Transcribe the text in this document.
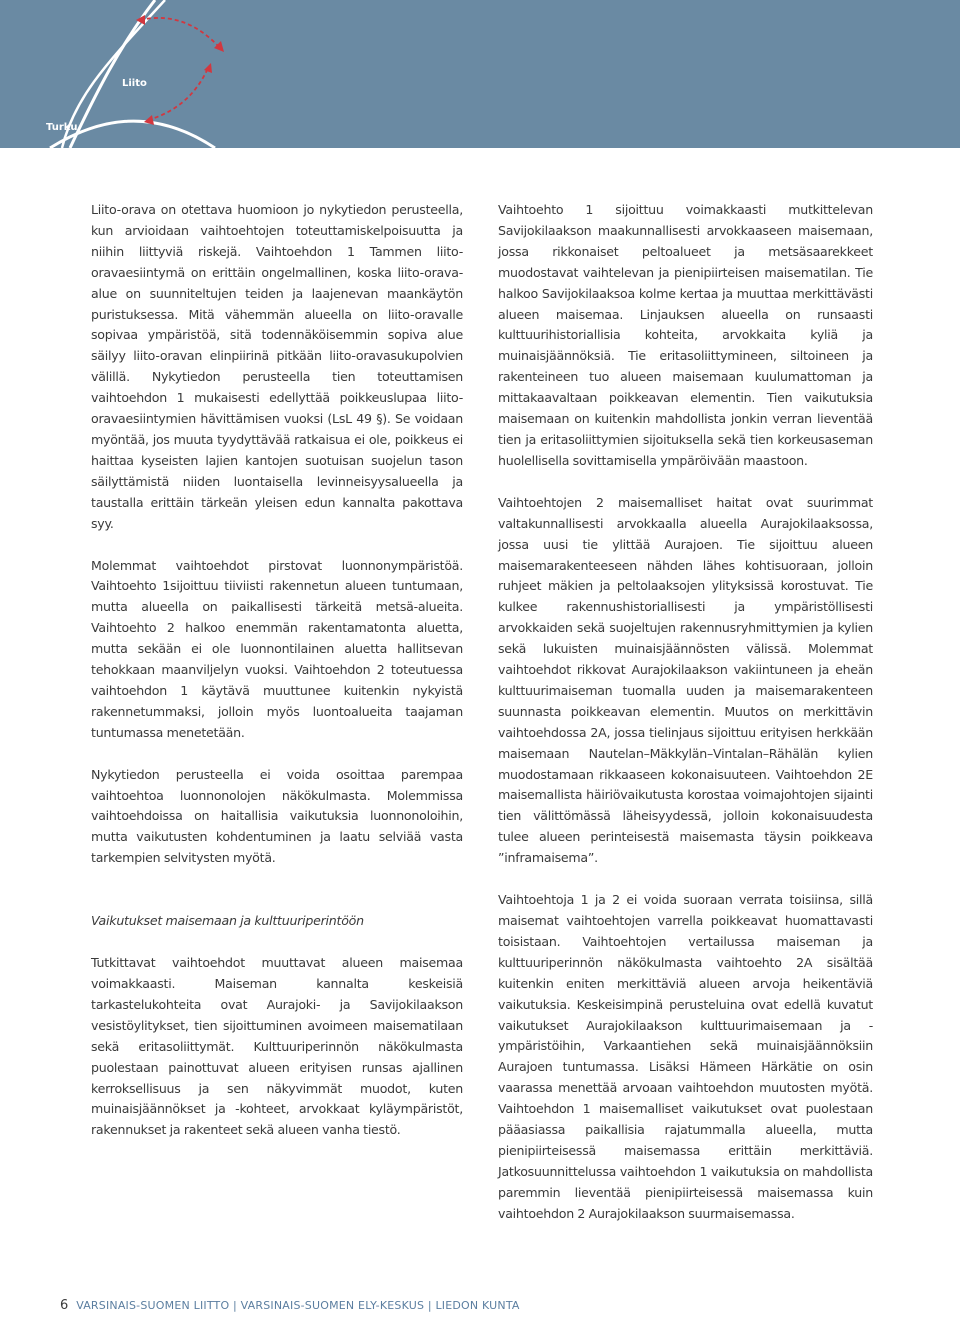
Liito
Turku

Liito-orava on otettava huomioon jo nykytiedon perusteella, kun arvioidaan vaihtoehtojen toteuttamiskelpoisuutta ja niihin liittyviä riskejä. Vaihtoehdon 1 Tammen liito-oravaesiintymä on erittäin ongelmallinen, koska liito-orava-alue on suunniteltujen teiden ja laajenevan maankäytön puristuksessa. Mitä vähemmän alueella on liito-oravalle sopivaa ympäristöä, sitä todennäköisemmin sopiva alue säilyy liito-oravan elinpiirinä pitkään liito-oravasukupolvien välillä. Nykytiedon perusteella tien toteuttamisen vaihtoehdon 1 mukaisesti edellyttää poikkeuslupaa liito-oravaesiintymien hävittämisen vuoksi (LsL 49 §). Se voidaan myöntää, jos muuta tyydyttävää ratkaisua ei ole, poikkeus ei haittaa kyseisten lajien kantojen suotuisan suojelun tason säilyttämistä niiden luontaisella levinneisyysalueella ja taustalla erittäin tärkeän yleisen edun kannalta pakottava syy.

Molemmat vaihtoehdot pirstovat luonnonympäristöä. Vaihtoehto 1sijoittuu tiiviisti rakennetun alueen tuntumaan, mutta alueella on paikallisesti tärkeitä metsä-alueita. Vaihtoehto 2 halkoo enemmän rakentamatonta aluetta, mutta sekään ei ole luonnontilainen aluetta hallitsevan tehokkaan maanviljelyn vuoksi. Vaihtoehdon 2 toteutuessa vaihtoehdon 1 käytävä muuttunee kuitenkin nykyistä rakennetummaksi, jolloin myös luontoalueita taajaman tuntumassa menetetään.

Nykytiedon perusteella ei voida osoittaa parempaa vaihtoehtoa luonnonolojen näkökulmasta. Molemmissa vaihtoehdoissa on haitallisia vaikutuksia luonnonoloihin, mutta vaikutusten kohdentuminen ja laatu selviää vasta tarkempien selvitysten myötä.

Vaikutukset maisemaan ja kulttuuriperintöön

Tutkittavat vaihtoehdot muuttavat alueen maisemaa voimakkaasti. Maiseman kannalta keskeisiä tarkastelukohteita ovat Aurajoki- ja Savijokilaakson vesistöylitykset, tien sijoittuminen avoimeen maisematilaan sekä eritasoliittymät. Kulttuuriperinnön näkökulmasta puolestaan painottuvat alueen erityisen runsas ajallinen kerroksellisuus ja sen näkyvimmät muodot, kuten muinaisjäännökset ja -kohteet, arvokkaat kyläympäristöt, rakennukset ja rakenteet sekä alueen vanha tiestö.

Vaihtoehto 1 sijoittuu voimakkaasti mutkittelevan Savijokilaakson maakunnallisesti arvokkaaseen maisemaan, jossa rikkonaiset peltoalueet ja metsäsaarekkeet muodostavat vaihtelevan ja pienipiirteisen maisematilan. Tie halkoo Savijokilaaksoa kolme kertaa ja muuttaa merkittävästi alueen maisemaa. Linjauksen alueella on runsaasti kulttuurihistoriallisia kohteita, arvokkaita kyliä ja muinaisjäännöksiä. Tie eritasoliittymineen, siltoineen ja rakenteineen tuo alueen maisemaan kuulumattoman ja mittakaavaltaan poikkeavan elementin. Tien vaikutuksia maisemaan on kuitenkin mahdollista jonkin verran lieventää tien ja eritasoliittymien sijoituksella sekä tien korkeusaseman huolellisella sovittamisella ympäröivään maastoon.

Vaihtoehtojen 2 maisemalliset haitat ovat suurimmat valtakunnallisesti arvokkaalla alueella Aurajokilaaksossa, jossa uusi tie ylittää Aurajoen. Tie sijoittuu alueen maisemarakenteeseen nähden lähes kohtisuoraan, jolloin ruhjeet mäkien ja peltolaaksojen ylityksissä korostuvat. Tie kulkee rakennushistoriallisesti ja ympäristöllisesti arvokkaiden sekä suojeltujen rakennusryhmittymien ja kylien sekä lukuisten muinaisjäännösten välissä. Molemmat vaihtoehdot rikkovat Aurajokilaakson vakiintuneen ja eheän kulttuurimaiseman tuomalla uuden ja maisemarakenteen suunnasta poikkeavan elementin. Muutos on merkittävin vaihtoehdossa 2A, jossa tielinjaus sijoittuu erityisen herkkään maisemaan Nautelan–Mäkkylän–Vintalan–Rähälän kylien muodostamaan rikkaaseen kokonaisuuteen. Vaihtoehdon 2E maisemallista häiriövaikutusta korostaa voimajohtojen sijainti tien välittömässä läheisyydessä, jolloin kokonaisuudesta tulee alueen perinteisestä maisemasta täysin poikkeava ”inframaisema”.

Vaihtoehtoja 1 ja 2 ei voida suoraan verrata toisiinsa, sillä maisemat vaihtoehtojen varrella poikkeavat huomattavasti toisistaan. Vaihtoehtojen vertailussa maiseman ja kulttuuriperinnön näkökulmasta vaihtoehto 2A sisältää kuitenkin eniten merkittäviä alueen arvoja heikentäviä vaikutuksia. Keskeisimpinä perusteluina ovat edellä kuvatut vaikutukset Aurajokilaakson kulttuurimaisemaan ja -ympäristöihin, Varkaantiehen sekä muinaisjäännöksiin Aurajoen tuntumassa. Lisäksi Hämeen Härkätie on osin vaarassa menettää arvoaan vaihtoehdon muutosten myötä. Vaihtoehdon 1 maisemalliset vaikutukset ovat puolestaan pääasiassa paikallisia rajatummalla alueella, mutta pienipiirteisessä maisemassa erittäin merkittäviä. Jatkosuunnittelussa vaihtoehdon 1 vaikutuksia on mahdollista paremmin lieventää pienipiirteisessä maisemassa kuin vaihtoehdon 2 Aurajokilaakson suurmaisemassa.

6 VARSINAIS-SUOMEN LIITTO | VARSINAIS-SUOMEN ELY-KESKUS | LIEDON KUNTA
